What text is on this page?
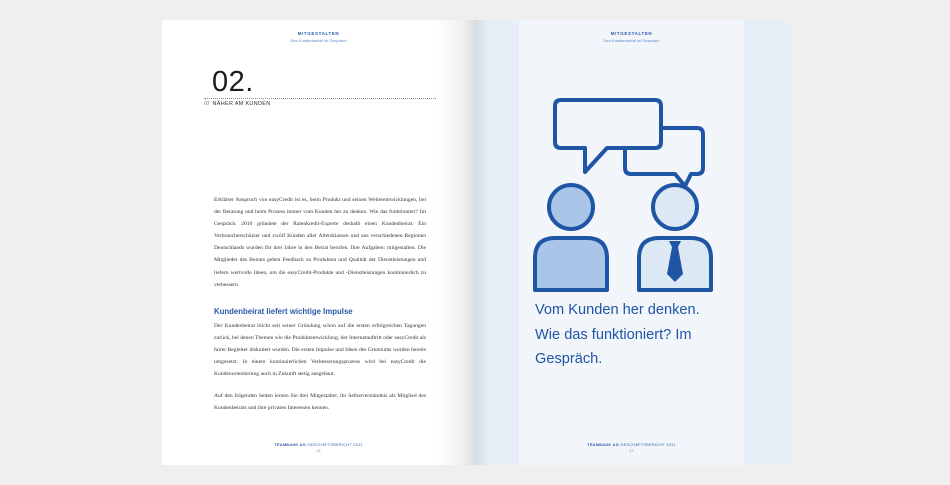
MITGESTALTEN
Den Kundenbeirat im Gespräch
02.
/// NÄHER AM KUNDEN

Erklärter Anspruch von easyCredit ist es, beim Produkt und seinen Weiterentwicklungen, bei der Beratung und beim Prozess immer vom Kunden her zu denken. Wie das funktioniert? Im Gespräch. 2010 gründete der Ratenkredit-Experte deshalb einen Kundenbeirat. Ein Verbraucherschützer und zwölf Kunden aller Altersklassen und aus verschiedenen Regionen Deutschlands wurden für drei Jahre in den Beirat berufen. Ihre Aufgaben: mitgestalten. Die Mitglieder des Beirats geben Feedback zu Produkten und Qualität der Dienstleistungen und liefern wertvolle Ideen, um die easyCredit-Produkte und -Dienstleistungen kontinuierlich zu verbessern.

Kundenbeirat liefert wichtige Impulse

Der Kundenbeirat blickt seit seiner Gründung schon auf die ersten erfolgreichen Tagungen zurück, bei denen Themen wie die Produktentwicklung, der Internetauftritt oder easyCredit als fairer Begleiter diskutiert wurden. Die ersten Impulse und Ideen des Gremiums wurden bereits umgesetzt. In einem kontinuierlichen Verbesserungsprozess wird bei easyCredit die Kundenorientierung auch in Zukunft stetig ausgebaut.

Auf den folgenden Seiten lernen Sie drei Mitgestalter, ihr Selbstverständnis als Mitglied des Kundenbeirats und ihre privaten Interessen kennen.

TEAMBANK AG GESCHÄFTSBERICHT 2011
16
MITGESTALTEN
Den Kundenbeirat im Gespräch
Vom Kunden her denken.
Wie das funktioniert? Im
Gespräch.
TEAMBANK AG GESCHÄFTSBERICHT 2011
17
